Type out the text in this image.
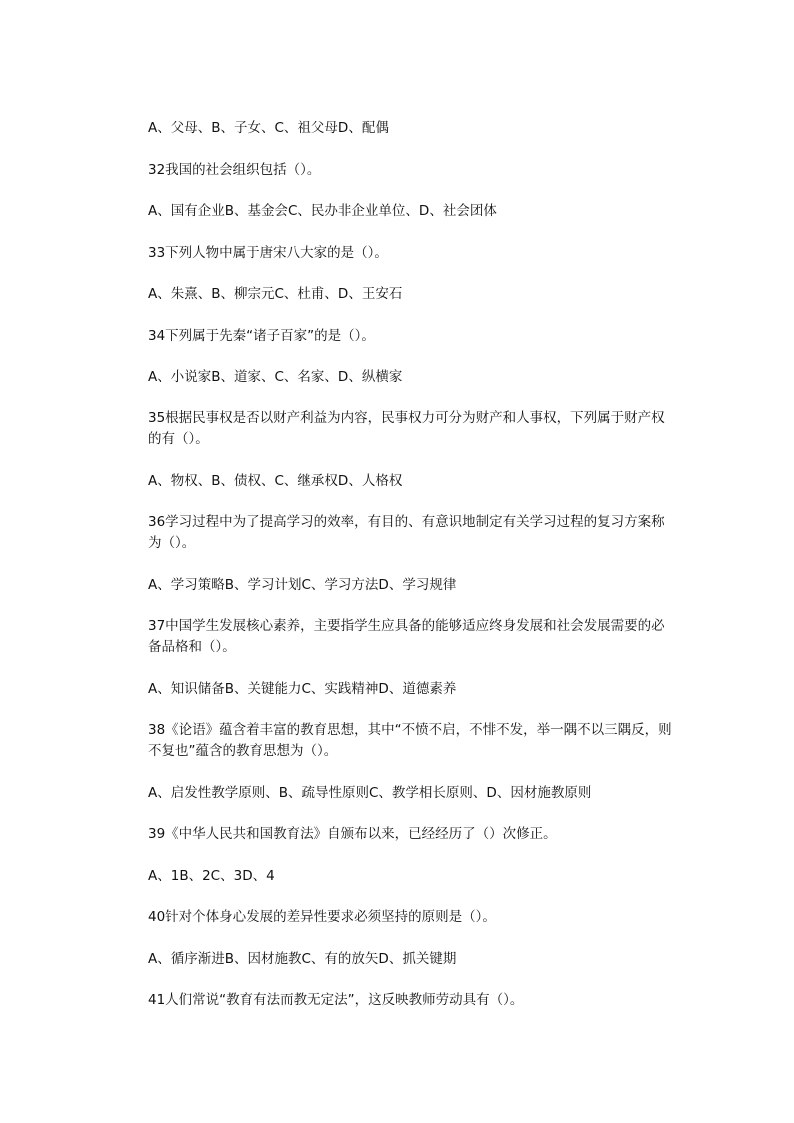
A、父母、B、子女、C、祖父母D、配偶
32我国的社会组织包括（）。
A、国有企业B、基金会C、民办非企业单位、D、社会团体
33下列人物中属于唐宋八大家的是（）。
A、朱熹、B、柳宗元C、杜甫、D、王安石
34下列属于先秦“诸子百家”的是（）。
A、小说家B、道家、C、名家、D、纵横家
35根据民事权是否以财产利益为内容，民事权力可分为财产和人事权，下列属于财产权的有（）。
A、物权、B、债权、C、继承权D、人格权
36学习过程中为了提高学习的效率，有目的、有意识地制定有关学习过程的复习方案称为（）。
A、学习策略B、学习计划C、学习方法D、学习规律
37中国学生发展核心素养，主要指学生应具备的能够适应终身发展和社会发展需要的必备品格和（）。
A、知识储备B、关键能力C、实践精神D、道德素养
38《论语》蕴含着丰富的教育思想，其中“不愤不启，不悱不发，举一隅不以三隅反，则不复也”蕴含的教育思想为（）。
A、启发性教学原则、B、疏导性原则C、教学相长原则、D、因材施教原则
39《中华人民共和国教育法》自颁布以来，已经经历了（）次修正。
A、1B、2C、3D、4
40针对个体身心发展的差异性要求必须坚持的原则是（）。
A、循序渐进B、因材施教C、有的放矢D、抓关键期
41人们常说“教育有法而教无定法”，这反映教师劳动具有（）。
